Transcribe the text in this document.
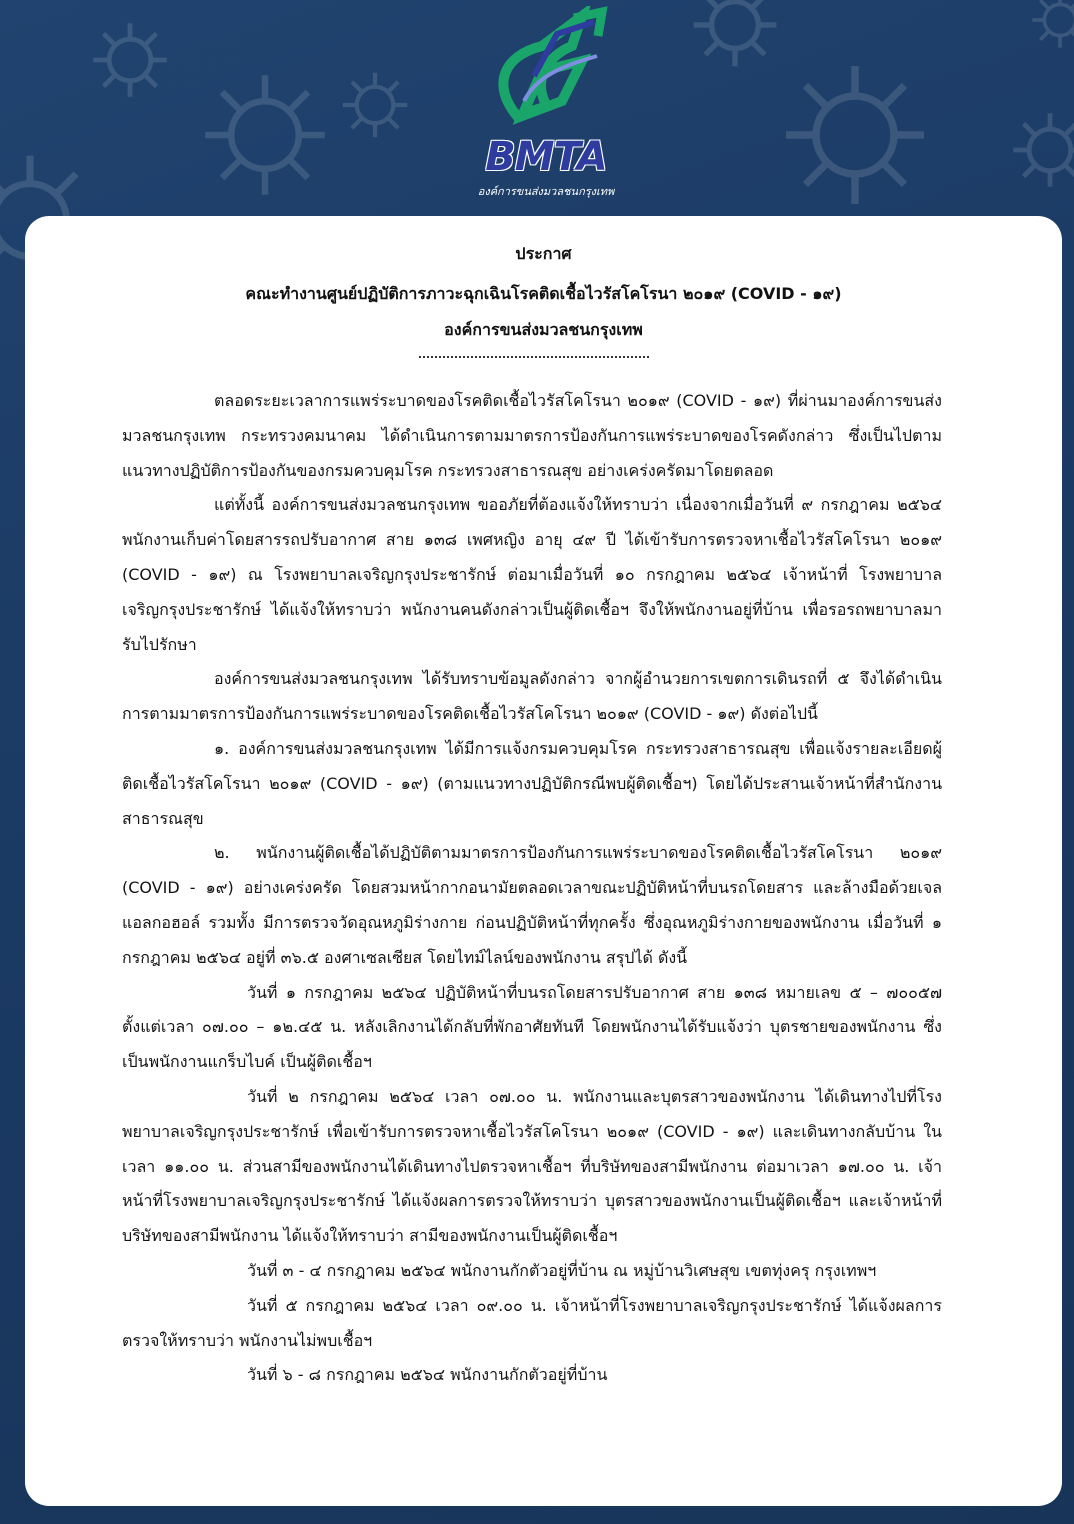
BMTA
องค์การขนส่งมวลชนกรุงเทพ
ประกาศ
คณะทำงานศูนย์ปฏิบัติการภาวะฉุกเฉินโรคติดเชื้อไวรัสโคโรนา ๒๐๑๙ (COVID - ๑๙)
องค์การขนส่งมวลชนกรุงเทพ

ตลอดระยะเวลาการแพร่ระบาดของโรคติดเชื้อไวรัสโคโรนา ๒๐๑๙ (COVID - ๑๙) ที่ผ่านมาองค์การขนส่งมวลชนกรุงเทพ กระทรวงคมนาคม ได้ดำเนินการตามมาตรการป้องกันการแพร่ระบาดของโรคดังกล่าว ซึ่งเป็นไปตามแนวทางปฏิบัติการป้องกันของกรมควบคุมโรค กระทรวงสาธารณสุข อย่างเคร่งครัดมาโดยตลอด

แต่ทั้งนี้ องค์การขนส่งมวลชนกรุงเทพ ขออภัยที่ต้องแจ้งให้ทราบว่า เนื่องจากเมื่อวันที่ ๙ กรกฎาคม ๒๕๖๔ พนักงานเก็บค่าโดยสารรถปรับอากาศ สาย ๑๓๘ เพศหญิง อายุ ๔๙ ปี ได้เข้ารับการตรวจหาเชื้อไวรัสโคโรนา ๒๐๑๙ (COVID - ๑๙) ณ โรงพยาบาลเจริญกรุงประชารักษ์ ต่อมาเมื่อวันที่ ๑๐ กรกฎาคม ๒๕๖๔ เจ้าหน้าที่ โรงพยาบาลเจริญกรุงประชารักษ์ ได้แจ้งให้ทราบว่า พนักงานคนดังกล่าวเป็นผู้ติดเชื้อฯ จึงให้พนักงานอยู่ที่บ้าน เพื่อรอรถพยาบาลมารับไปรักษา

องค์การขนส่งมวลชนกรุงเทพ ได้รับทราบข้อมูลดังกล่าว จากผู้อำนวยการเขตการเดินรถที่ ๕ จึงได้ดำเนินการตามมาตรการป้องกันการแพร่ระบาดของโรคติดเชื้อไวรัสโคโรนา ๒๐๑๙ (COVID - ๑๙) ดังต่อไปนี้

๑. องค์การขนส่งมวลชนกรุงเทพ ได้มีการแจ้งกรมควบคุมโรค กระทรวงสาธารณสุข เพื่อแจ้งรายละเอียดผู้ติดเชื้อไวรัสโคโรนา ๒๐๑๙ (COVID - ๑๙) (ตามแนวทางปฏิบัติกรณีพบผู้ติดเชื้อฯ) โดยได้ประสานเจ้าหน้าที่สำนักงานสาธารณสุข

๒. พนักงานผู้ติดเชื้อได้ปฏิบัติตามมาตรการป้องกันการแพร่ระบาดของโรคติดเชื้อไวรัสโคโรนา ๒๐๑๙ (COVID - ๑๙) อย่างเคร่งครัด โดยสวมหน้ากากอนามัยตลอดเวลาขณะปฏิบัติหน้าที่บนรถโดยสาร และล้างมือด้วยเจลแอลกอฮอล์ รวมทั้ง มีการตรวจวัดอุณหภูมิร่างกาย ก่อนปฏิบัติหน้าที่ทุกครั้ง ซึ่งอุณหภูมิร่างกายของพนักงาน เมื่อวันที่ ๑ กรกฎาคม ๒๕๖๔ อยู่ที่ ๓๖.๕ องศาเซลเซียส โดยไทม์ไลน์ของพนักงาน สรุปได้ ดังนี้

วันที่ ๑ กรกฎาคม ๒๕๖๔ ปฏิบัติหน้าที่บนรถโดยสารปรับอากาศ สาย ๑๓๘ หมายเลข ๕ – ๗๐๐๕๗ ตั้งแต่เวลา ๐๗.๐๐ – ๑๒.๔๕ น. หลังเลิกงานได้กลับที่พักอาศัยทันที โดยพนักงานได้รับแจ้งว่า บุตรชายของพนักงาน ซึ่งเป็นพนักงานแกร็บไบค์ เป็นผู้ติดเชื้อฯ

วันที่ ๒ กรกฎาคม ๒๕๖๔ เวลา ๐๗.๐๐ น. พนักงานและบุตรสาวของพนักงาน ได้เดินทางไปที่โรงพยาบาลเจริญกรุงประชารักษ์ เพื่อเข้ารับการตรวจหาเชื้อไวรัสโคโรนา ๒๐๑๙ (COVID - ๑๙) และเดินทางกลับบ้าน ในเวลา ๑๑.๐๐ น. ส่วนสามีของพนักงานได้เดินทางไปตรวจหาเชื้อฯ ที่บริษัทของสามีพนักงาน ต่อมาเวลา ๑๗.๐๐ น. เจ้าหน้าที่โรงพยาบาลเจริญกรุงประชารักษ์ ได้แจ้งผลการตรวจให้ทราบว่า บุตรสาวของพนักงานเป็นผู้ติดเชื้อฯ และเจ้าหน้าที่บริษัทของสามีพนักงาน ได้แจ้งให้ทราบว่า สามีของพนักงานเป็นผู้ติดเชื้อฯ

วันที่ ๓ - ๔ กรกฎาคม ๒๕๖๔ พนักงานกักตัวอยู่ที่บ้าน ณ หมู่บ้านวิเศษสุข เขตทุ่งครุ กรุงเทพฯ

วันที่ ๕ กรกฎาคม ๒๕๖๔ เวลา ๐๙.๐๐ น. เจ้าหน้าที่โรงพยาบาลเจริญกรุงประชารักษ์ ได้แจ้งผลการตรวจให้ทราบว่า พนักงานไม่พบเชื้อฯ

วันที่ ๖ - ๘ กรกฎาคม ๒๕๖๔ พนักงานกักตัวอยู่ที่บ้าน
